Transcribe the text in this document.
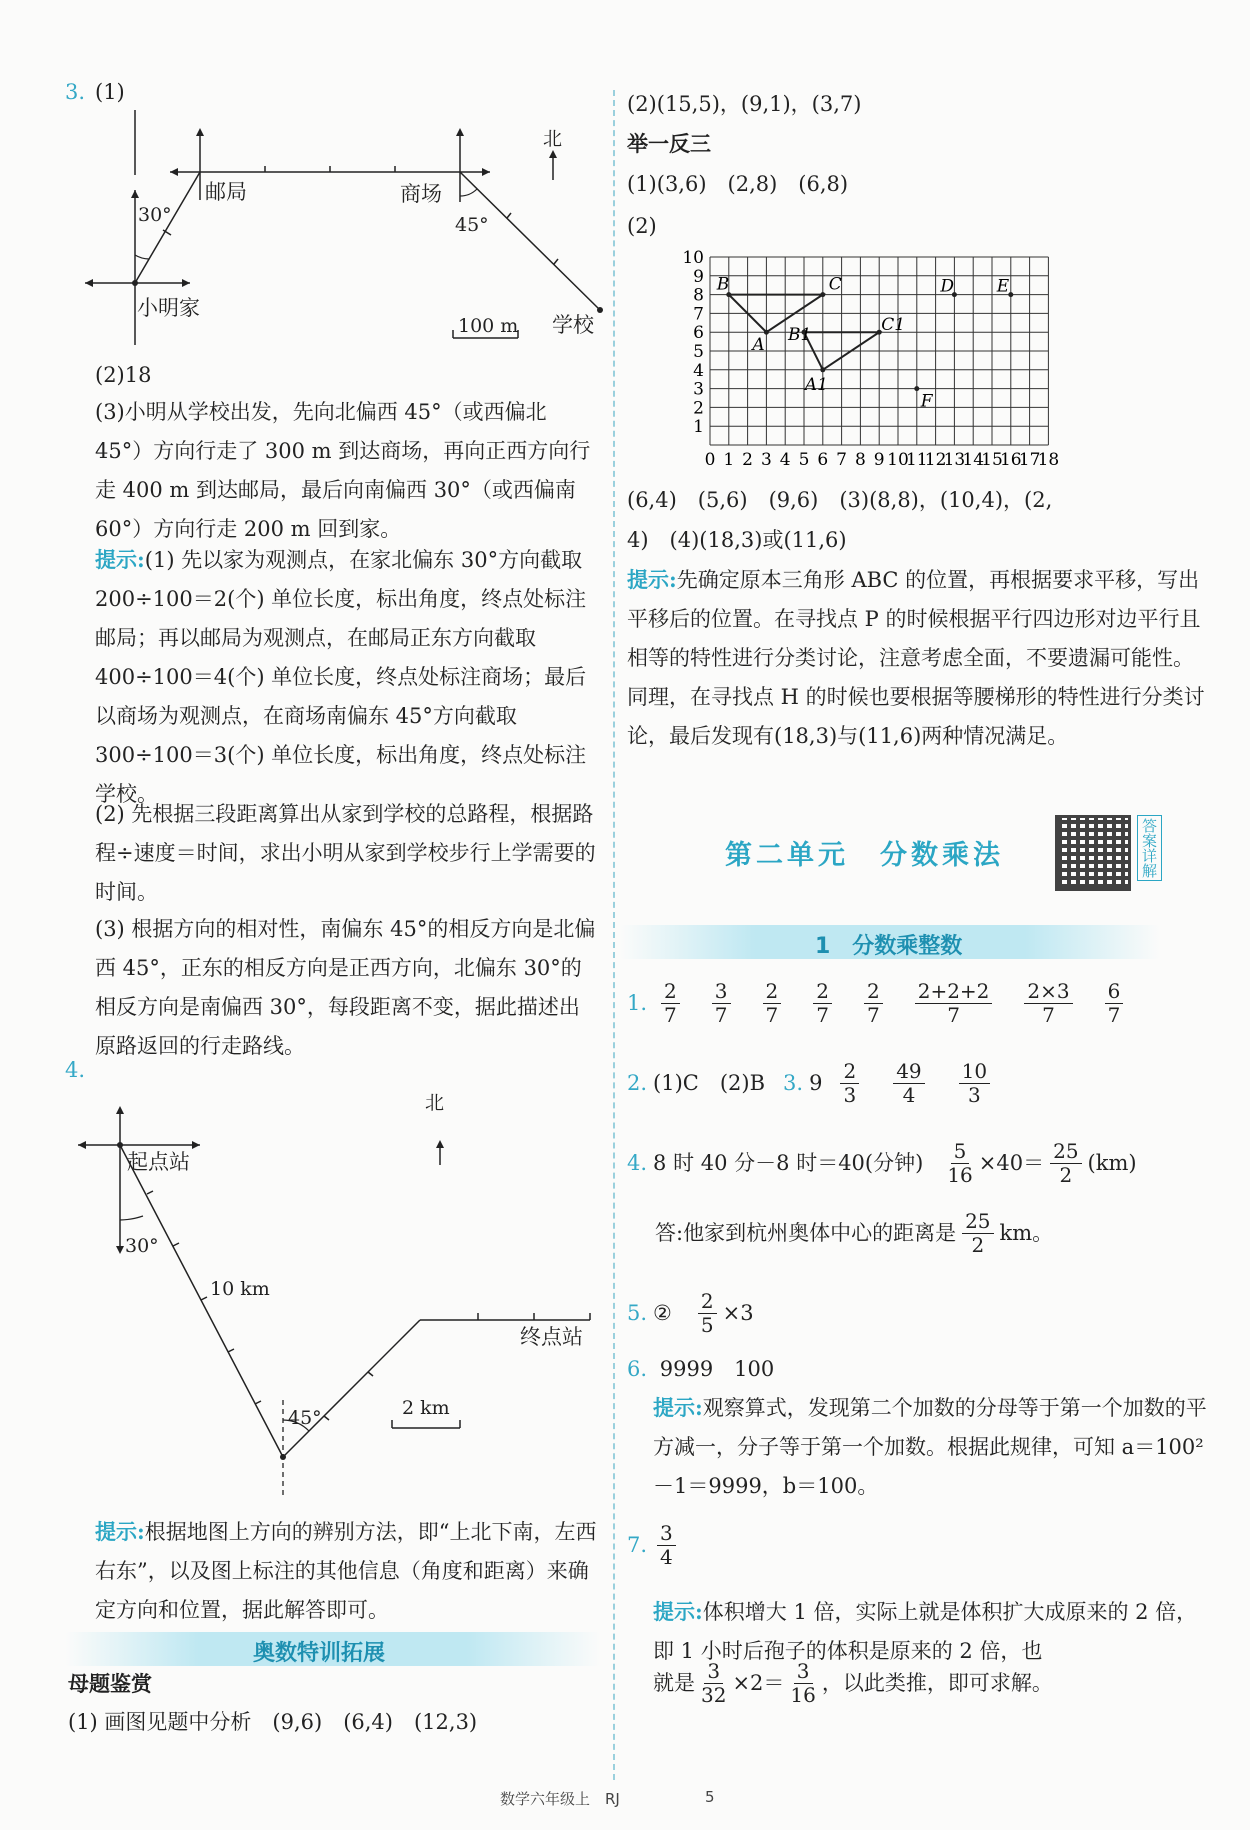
3. (1)
北
邮局	商场
小明家
学校
30°	45°
100 m
(2)18
(3)小明从学校出发，先向北偏西 45°（或西偏北 45°）方向行走了 300 m 到达商场，再向正西方向行走 400 m 到达邮局，最后向南偏西 30°（或西偏南 60°）方向行走 200 m 回到家。
提示:(1) 先以家为观测点，在家北偏东 30°方向截取 200÷100＝2(个) 单位长度，标出角度，终点处标注邮局；再以邮局为观测点，在邮局正东方向截取 400÷100＝4(个) 单位长度，终点处标注商场；最后以商场为观测点，在商场南偏东 45°方向截取 300÷100＝3(个) 单位长度，标出角度，终点处标注学校。
(2) 先根据三段距离算出从家到学校的总路程，根据路程÷速度＝时间，求出小明从家到学校步行上学需要的时间。
(3) 根据方向的相对性，南偏东 45°的相反方向是北偏西 45°，正东的相反方向是正西方向，北偏东 30°的相反方向是南偏西 30°，每段距离不变，据此描述出原路返回的行走路线。
4.
北
起点站
终点站
30°
45°
10 km
2 km
提示:根据地图上方向的辨别方法，即“上北下南，左西右东”，以及图上标注的其他信息（角度和距离）来确定方向和位置，据此解答即可。
奥数特训拓展
母题鉴赏
(1) 画图见题中分析　(9,6)　(6,4)　(12,3)
(2)(15,5)，(9,1)，(3,7)
举一反三
(1)(3,6)　(2,8)　(6,8)
(2)
0 1 2 3 4 5 6 7 8 9 10
11
12
13
14
15
16
17
18
1
2
3
4
5
6
7
8
9
10
B	C
A B1	C1
A1
D	E
F
(6,4)　(5,6)　(9,6)　(3)(8,8)，(10,4)，(2,
4)　(4)(18,3)或(11,6)
提示:先确定原本三角形 ABC 的位置，再根据要求平移，写出平移后的位置。在寻找点 P 的时候根据平行四边形对边平行且相等的特性进行分类讨论，注意考虑全面，不要遗漏可能性。同理，在寻找点 H 的时候也要根据等腰梯形的特性进行分类讨论，最后发现有(18,3)与(11,6)两种情况满足。
第二单元　分数乘法	答案详解
1　分数乘整数
1. $\frac{2}{7} \frac{3}{7} \frac{2}{7} \frac{2}{7} \frac{2}{7} \frac{2+2+2}{7} \frac{2\times 3}{7} \frac{6}{7}$
2. (1)C　(2)B 3. $9 \frac{2}{3} \frac{49}{4} \frac{10}{3}$
4. 8 时 40 分－8 时＝40(分钟) $\frac{5}{16} \times 40= \frac{25}{2} (km)$
答:他家到杭州奥体中心的距离是 $\frac{25}{2}$ km。
5. ② $\frac{2}{5} \times 3$
6. 9999　100
提示:观察算式，发现第二个加数的分母等于第一个加数的平方减一，分子等于第一个加数。根据此规律，可知 a＝100²－1＝9999，b＝100。
7. $\frac{3}{4}$
提示:体积增大 1 倍，实际上就是体积扩大成原来的 2 倍，即 1 小时后孢子的体积是原来的 2 倍，也
就是 $\frac{3}{32} \times 2= \frac{3}{16}$ ，以此类推，即可求解。
数学六年级上　RJ	5
